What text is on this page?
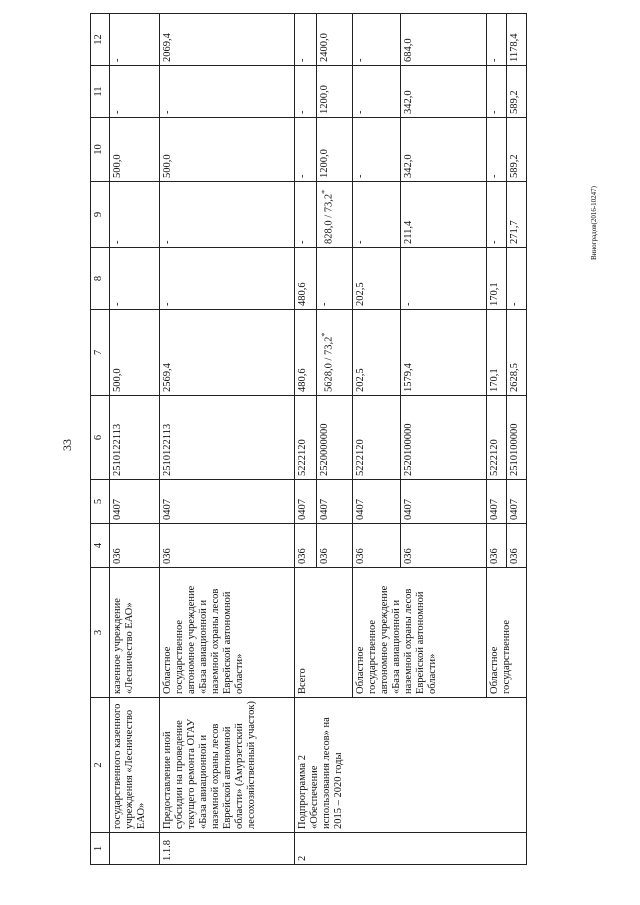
33
Виноградов(2016-10247)
1	2	3	4	5	6	7	8	9	10	11	12
	государственного казенного учреждения «Лесничество ЕАО»	казенное учреждение «Лесничество ЕАО»	036	0407	2510122113	500,0	-	-	500,0	-	-
1.1.8	Предоставление иной субсидии на проведение текущего ремонта ОГАУ «База авиационной и наземной охраны лесов Еврейской автономной области» (Амурзетский лесохозяйственный участок)	Областное государственное автономное учреждение «База авиационной и наземной охраны лесов Еврейской автономной области»	036	0407	2510122113	2569,4	-	-	500,0	-	2069,4
2	Подпрограмма 2 «Обеспечение использования лесов» на 2015 – 2020 годы	Всего	036	0407	5222120	480,6	480,6	-	-	-	-
			036	0407	2520000000	5628,0 / 73,2*	-	828,0 / 73,2*	1200,0	1200,0	2400,0
		Областное государственное автономное учреждение «База авиационной и наземной охраны лесов Еврейской автономной области»	036	0407	5222120	202,5	202,5	-	-	-	-
			036	0407	2520100000	1579,4	-	211,4	342,0	342,0	684,0
		Областное государственное	036	0407	5222120	170,1	170,1	-	-	-	-
			036	0407	2510100000	2628,5	-	271,7	589,2	589,2	1178,4
